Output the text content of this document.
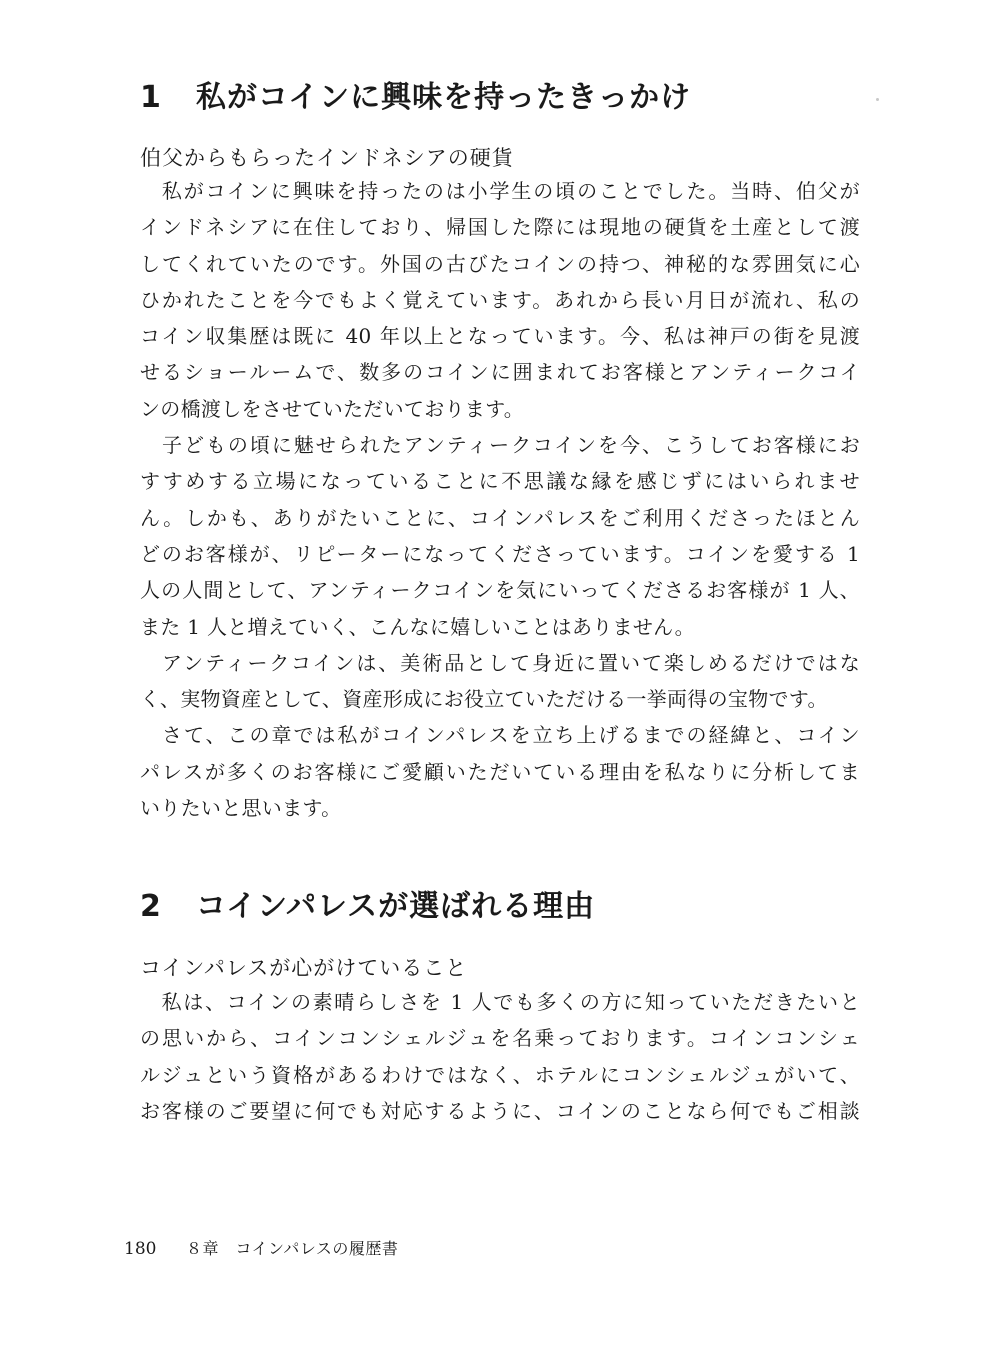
1 私がコインに興味を持ったきっかけ
伯父からもらったインドネシアの硬貨
　私がコインに興味を持ったのは小学生の頃のことでした。当時、伯父が
インドネシアに在住しており、帰国した際には現地の硬貨を土産として渡
してくれていたのです。外国の古びたコインの持つ、神秘的な雰囲気に心
ひかれたことを今でもよく覚えています。あれから長い月日が流れ、私の
コイン収集歴は既に 40 年以上となっています。今、私は神戸の街を見渡
せるショールームで、数多のコインに囲まれてお客様とアンティークコイ
ンの橋渡しをさせていただいております。
　子どもの頃に魅せられたアンティークコインを今、こうしてお客様にお
すすめする立場になっていることに不思議な縁を感じずにはいられませ
ん。しかも、ありがたいことに、コインパレスをご利用くださったほとん
どのお客様が、リピーターになってくださっています。コインを愛する 1
人の人間として、アンティークコインを気にいってくださるお客様が 1 人、
また 1 人と増えていく、こんなに嬉しいことはありません。
　アンティークコインは、美術品として身近に置いて楽しめるだけではな
く、実物資産として、資産形成にお役立ていただける一挙両得の宝物です。
　さて、この章では私がコインパレスを立ち上げるまでの経緯と、コイン
パレスが多くのお客様にご愛顧いただいている理由を私なりに分析してま
いりたいと思います。
2 コインパレスが選ばれる理由
コインパレスが心がけていること
　私は、コインの素晴らしさを 1 人でも多くの方に知っていただきたいと
の思いから、コインコンシェルジュを名乗っております。コインコンシェ
ルジュという資格があるわけではなく、ホテルにコンシェルジュがいて、
お客様のご要望に何でも対応するように、コインのことなら何でもご相談
180 ８章　コインパレスの履歴書
